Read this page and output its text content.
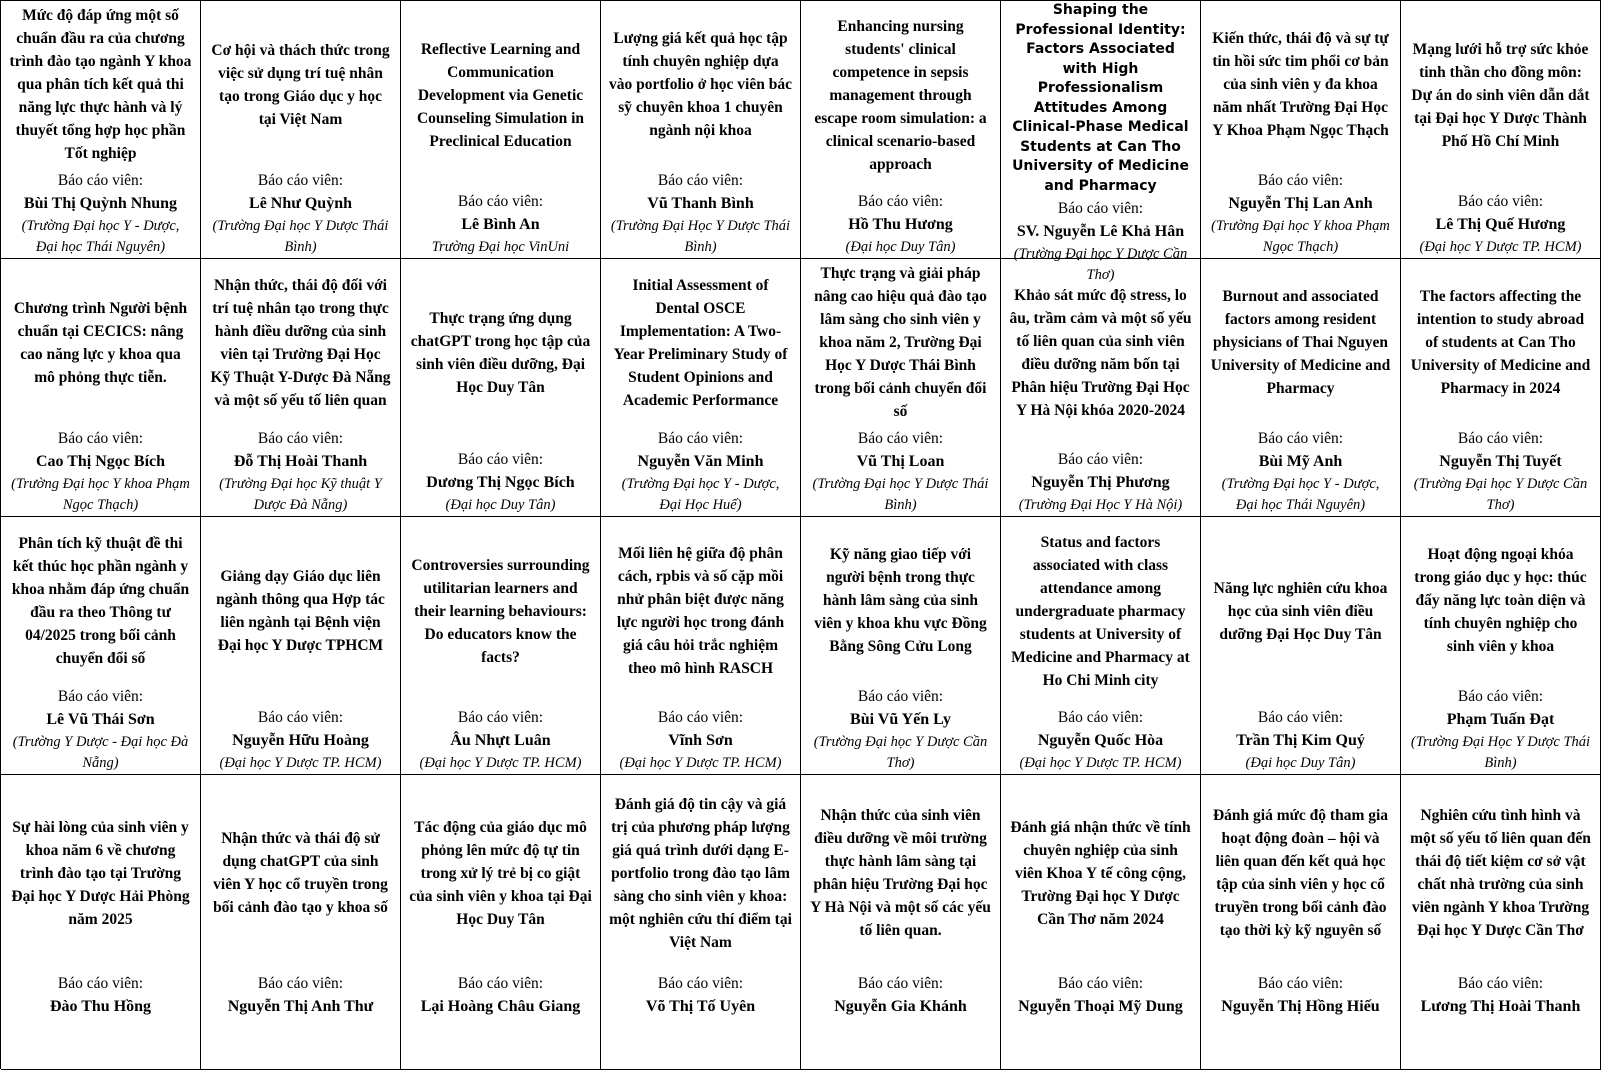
Mức độ đáp ứng một số chuẩn đầu ra của chương trình đào tạo ngành Y khoa qua phân tích kết quả thi năng lực thực hành và lý thuyết tổng hợp học phần Tốt nghiệp
Báo cáo viên:
Bùi Thị Quỳnh Nhung
(Trường Đại học Y - Dược, Đại học Thái Nguyên)
Cơ hội và thách thức trong việc sử dụng trí tuệ nhân tạo trong Giáo dục y học tại Việt Nam
Báo cáo viên:
Lê Như Quỳnh
(Trường Đại học Y Dược Thái Bình)
Reflective Learning and Communication Development via Genetic Counseling Simulation in Preclinical Education
Báo cáo viên:
Lê Bình An
Trường Đại học VinUni
Lượng giá kết quả học tập tính chuyên nghiệp dựa vào portfolio ở học viên bác sỹ chuyên khoa 1 chuyên ngành nội khoa
Báo cáo viên:
Vũ Thanh Bình
(Trường Đại Học Y Dược Thái Bình)
Enhancing nursing students' clinical competence in sepsis management through escape room simulation: a clinical scenario-based approach
Báo cáo viên:
Hồ Thu Hương
(Đại học Duy Tân)
Shaping the Professional Identity: Factors Associated with High Professionalism Attitudes Among Clinical-Phase Medical Students at Can Tho University of Medicine and Pharmacy
Báo cáo viên:
SV. Nguyễn Lê Khả Hân
(Trường Đại học Y Dược Cần Thơ)
Kiến thức, thái độ và sự tự tin hồi sức tim phổi cơ bản của sinh viên y đa khoa năm nhất Trường Đại Học Y Khoa Phạm Ngọc Thạch
Báo cáo viên:
Nguyễn Thị Lan Anh
(Trường Đại học Y khoa Phạm Ngọc Thạch)
Mạng lưới hỗ trợ sức khỏe tinh thần cho đồng môn: Dự án do sinh viên dẫn dắt tại Đại học Y Dược Thành Phố Hồ Chí Minh
Báo cáo viên:
Lê Thị Quế Hương
(Đại học Y Dược TP. HCM)
Chương trình Người bệnh chuẩn tại CECICS: nâng cao năng lực y khoa qua mô phỏng thực tiễn.
Báo cáo viên:
Cao Thị Ngọc Bích
(Trường Đại học Y khoa Phạm Ngọc Thạch)
Nhận thức, thái độ đối với trí tuệ nhân tạo trong thực hành điều dưỡng của sinh viên tại Trường Đại Học Kỹ Thuật Y-Dược Đà Nẵng và một số yếu tố liên quan
Báo cáo viên:
Đỗ Thị Hoài Thanh
(Trường Đại học Kỹ thuật Y Dược Đà Nẵng)
Thực trạng ứng dụng chatGPT trong học tập của sinh viên điều dưỡng, Đại Học Duy Tân
Báo cáo viên:
Dương Thị Ngọc Bích
(Đại học Duy Tân)
Initial Assessment of Dental OSCE Implementation: A Two-Year Preliminary Study of Student Opinions and Academic Performance
Báo cáo viên:
Nguyễn Văn Minh
(Trường Đại học Y - Dược, Đại Học Huế)
Thực trạng và giải pháp nâng cao hiệu quả đào tạo lâm sàng cho sinh viên y khoa năm 2, Trường Đại Học Y Dược Thái Bình trong bối cảnh chuyển đổi số
Báo cáo viên:
Vũ Thị Loan
(Trường Đại học Y Dược Thái Bình)
Khảo sát mức độ stress, lo âu, trầm cảm và một số yếu tố liên quan của sinh viên điều dưỡng năm bốn tại Phân hiệu Trường Đại Học Y Hà Nội khóa 2020-2024
Báo cáo viên:
Nguyễn Thị Phương
(Trường Đại Học Y Hà Nội)
Burnout and associated factors among resident physicians of Thai Nguyen University of Medicine and Pharmacy
Báo cáo viên:
Bùi Mỹ Anh
(Trường Đại học Y - Dược, Đại học Thái Nguyên)
The factors affecting the intention to study abroad of students at Can Tho University of Medicine and Pharmacy in 2024
Báo cáo viên:
Nguyễn Thị Tuyết
(Trường Đại học Y Dược Cần Thơ)
Phân tích kỹ thuật đề thi kết thúc học phần ngành y khoa nhằm đáp ứng chuẩn đầu ra theo Thông tư 04/2025 trong bối cảnh chuyển đổi số
Báo cáo viên:
Lê Vũ Thái Sơn
(Trường Y Dược - Đại học Đà Nẵng)
Giảng dạy Giáo dục liên ngành thông qua Hợp tác liên ngành tại Bệnh viện Đại học Y Dược TPHCM
Báo cáo viên:
Nguyễn Hữu Hoàng
(Đại học Y Dược TP. HCM)
Controversies surrounding utilitarian learners and their learning behaviours: Do educators know the facts?
Báo cáo viên:
Âu Nhựt Luân
(Đại học Y Dược TP. HCM)
Mối liên hệ giữa độ phân cách, rpbis và số cặp mồi nhử phân biệt được năng lực người học trong đánh giá câu hỏi trắc nghiệm theo mô hình RASCH
Báo cáo viên:
Vĩnh Sơn
(Đại học Y Dược TP. HCM)
Kỹ năng giao tiếp với người bệnh trong thực hành lâm sàng của sinh viên y khoa khu vực Đồng Bằng Sông Cửu Long
Báo cáo viên:
Bùi Vũ Yến Ly
(Trường Đại học Y Dược Cần Thơ)
Status and factors associated with class attendance among undergraduate pharmacy students at University of Medicine and Pharmacy at Ho Chi Minh city
Báo cáo viên:
Nguyễn Quốc Hòa
(Đại học Y Dược TP. HCM)
Năng lực nghiên cứu khoa học của sinh viên điều dưỡng Đại Học Duy Tân
Báo cáo viên:
Trần Thị Kim Quý
(Đại học Duy Tân)
Hoạt động ngoại khóa trong giáo dục y học: thúc đẩy năng lực toàn diện và tính chuyên nghiệp cho sinh viên y khoa
Báo cáo viên:
Phạm Tuấn Đạt
(Trường Đại Học Y Dược Thái Bình)
Sự hài lòng của sinh viên y khoa năm 6 về chương trình đào tạo tại Trường Đại học Y Dược Hải Phòng năm 2025
Báo cáo viên:
Đào Thu Hồng
Nhận thức và thái độ sử dụng chatGPT của sinh viên Y học cổ truyền trong bối cảnh đào tạo y khoa số
Báo cáo viên:
Nguyễn Thị Anh Thư
Tác động của giáo dục mô phỏng lên mức độ tự tin trong xử lý trẻ bị co giật của sinh viên y khoa tại Đại Học Duy Tân
Báo cáo viên:
Lại Hoàng Châu Giang
Đánh giá độ tin cậy và giá trị của phương pháp lượng giá quá trình dưới dạng E-portfolio trong đào tạo lâm sàng cho sinh viên y khoa: một nghiên cứu thí điểm tại Việt Nam
Báo cáo viên:
Võ Thị Tố Uyên
Nhận thức của sinh viên điều dưỡng về môi trường thực hành lâm sàng tại phân hiệu Trường Đại học Y Hà Nội và một số các yếu tố liên quan.
Báo cáo viên:
Nguyễn Gia Khánh
Đánh giá nhận thức về tính chuyên nghiệp của sinh viên Khoa Y tế công cộng, Trường Đại học Y Dược Cần Thơ năm 2024
Báo cáo viên:
Nguyễn Thoại Mỹ Dung
Đánh giá mức độ tham gia hoạt động đoàn – hội và liên quan đến kết quả học tập của sinh viên y học cổ truyền trong bối cảnh đào tạo thời kỳ kỹ nguyên số
Báo cáo viên:
Nguyễn Thị Hồng Hiếu
Nghiên cứu tình hình và một số yếu tố liên quan đến thái độ tiết kiệm cơ sở vật chất nhà trường của sinh viên ngành Y khoa Trường Đại học Y Dược Cần Thơ
Báo cáo viên:
Lương Thị Hoài Thanh
